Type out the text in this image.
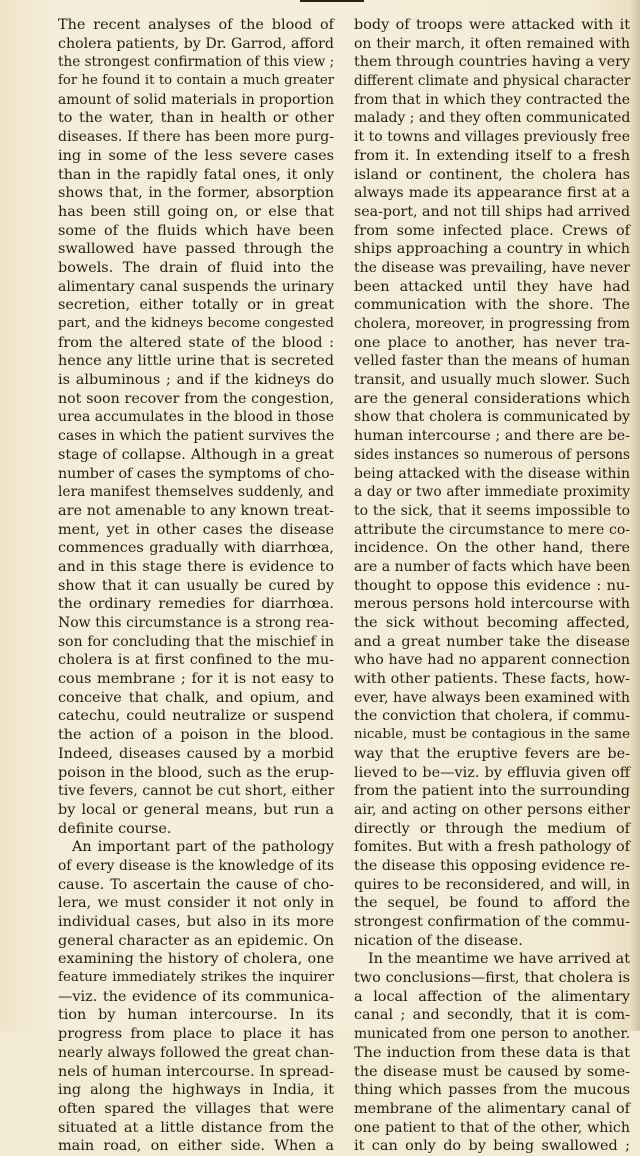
The recent analyses of the blood of
cholera patients, by Dr. Garrod, afford
the strongest confirmation of this view ;
for he found it to contain a much greater
amount of solid materials in proportion
to the water, than in health or other
diseases. If there has been more purg-
ing in some of the less severe cases
than in the rapidly fatal ones, it only
shows that, in the former, absorption
has been still going on, or else that
some of the fluids which have been
swallowed have passed through the
bowels. The drain of fluid into the
alimentary canal suspends the urinary
secretion, either totally or in great
part, and the kidneys become congested
from the altered state of the blood :
hence any little urine that is secreted
is albuminous ; and if the kidneys do
not soon recover from the congestion,
urea accumulates in the blood in those
cases in which the patient survives the
stage of collapse. Although in a great
number of cases the symptoms of cho-
lera manifest themselves suddenly, and
are not amenable to any known treat-
ment, yet in other cases the disease
commences gradually with diarrhœa,
and in this stage there is evidence to
show that it can usually be cured by
the ordinary remedies for diarrhœa.
Now this circumstance is a strong rea-
son for concluding that the mischief in
cholera is at first confined to the mu-
cous membrane ; for it is not easy to
conceive that chalk, and opium, and
catechu, could neutralize or suspend
the action of a poison in the blood.
Indeed, diseases caused by a morbid
poison in the blood, such as the erup-
tive fevers, cannot be cut short, either
by local or general means, but run a
definite course.
An important part of the pathology
of every disease is the knowledge of its
cause. To ascertain the cause of cho-
lera, we must consider it not only in
individual cases, but also in its more
general character as an epidemic. On
examining the history of cholera, one
feature immediately strikes the inquirer
—viz. the evidence of its communica-
tion by human intercourse. In its
progress from place to place it has
nearly always followed the great chan-
nels of human intercourse. In spread-
ing along the highways in India, it
often spared the villages that were
situated at a little distance from the
main road, on either side. When a
body of troops were attacked with it
on their march, it often remained with
them through countries having a very
different climate and physical character
from that in which they contracted the
malady ; and they often communicated
it to towns and villages previously free
from it. In extending itself to a fresh
island or continent, the cholera has
always made its appearance first at a
sea-port, and not till ships had arrived
from some infected place. Crews of
ships approaching a country in which
the disease was prevailing, have never
been attacked until they have had
communication with the shore. The
cholera, moreover, in progressing from
one place to another, has never tra-
velled faster than the means of human
transit, and usually much slower. Such
are the general considerations which
show that cholera is communicated by
human intercourse ; and there are be-
sides instances so numerous of persons
being attacked with the disease within
a day or two after immediate proximity
to the sick, that it seems impossible to
attribute the circumstance to mere co-
incidence. On the other hand, there
are a number of facts which have been
thought to oppose this evidence : nu-
merous persons hold intercourse with
the sick without becoming affected,
and a great number take the disease
who have had no apparent connection
with other patients. These facts, how-
ever, have always been examined with
the conviction that cholera, if commu-
nicable, must be contagious in the same
way that the eruptive fevers are be-
lieved to be—viz. by effluvia given off
from the patient into the surrounding
air, and acting on other persons either
directly or through the medium of
fomites. But with a fresh pathology of
the disease this opposing evidence re-
quires to be reconsidered, and will, in
the sequel, be found to afford the
strongest confirmation of the commu-
nication of the disease.
In the meantime we have arrived at
two conclusions—first, that cholera is
a local affection of the alimentary
canal ; and secondly, that it is com-
municated from one person to another.
The induction from these data is that
the disease must be caused by some-
thing which passes from the mucous
membrane of the alimentary canal of
one patient to that of the other, which
it can only do by being swallowed ;
